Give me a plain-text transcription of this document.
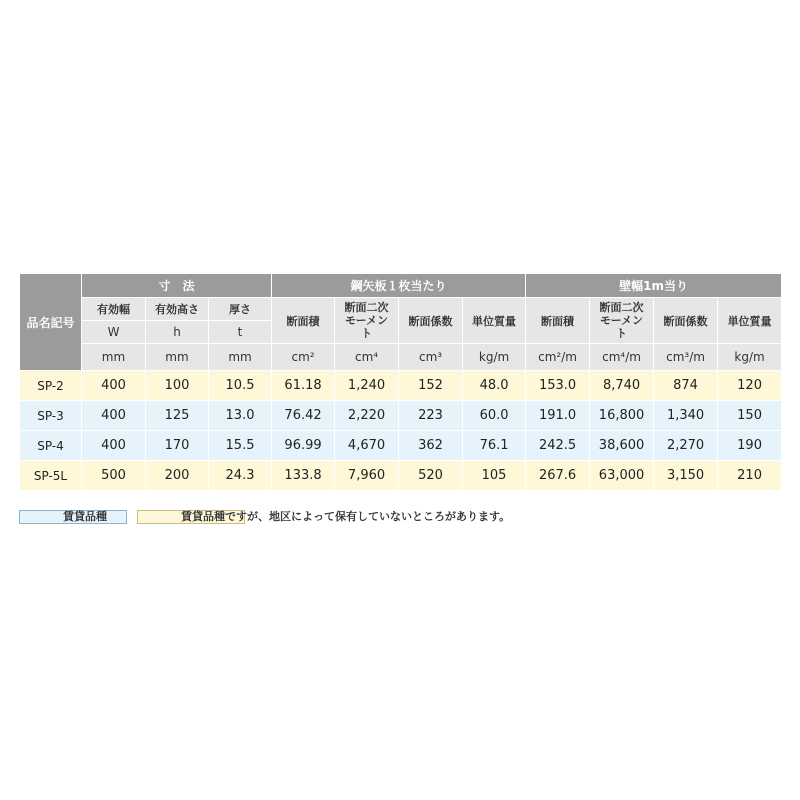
品名記号	寸　法			鋼矢板１枚当たり				壁幅1m当り			
	有効幅	有効高さ	厚さ	断面積	断面二次モーメント	断面係数	単位質量	断面積	断面二次モーメント	断面係数	単位質量
	W	h	t								
	mm	mm	mm	cm²	cm⁴	cm³	kg/m	cm²/m	cm⁴/m	cm³/m	kg/m
SP-2	400	100	10.5	61.18	1,240	152	48.0	153.0	8,740	874	120
SP-3	400	125	13.0	76.42	2,220	223	60.0	191.0	16,800	1,340	150
SP-4	400	170	15.5	96.99	4,670	362	76.1	242.5	38,600	2,270	190
SP-5L	500	200	24.3	133.8	7,960	520	105	267.6	63,000	3,150	210
賃貸品種	賃貸品種ですが、地区によって保有していないところがあります。
